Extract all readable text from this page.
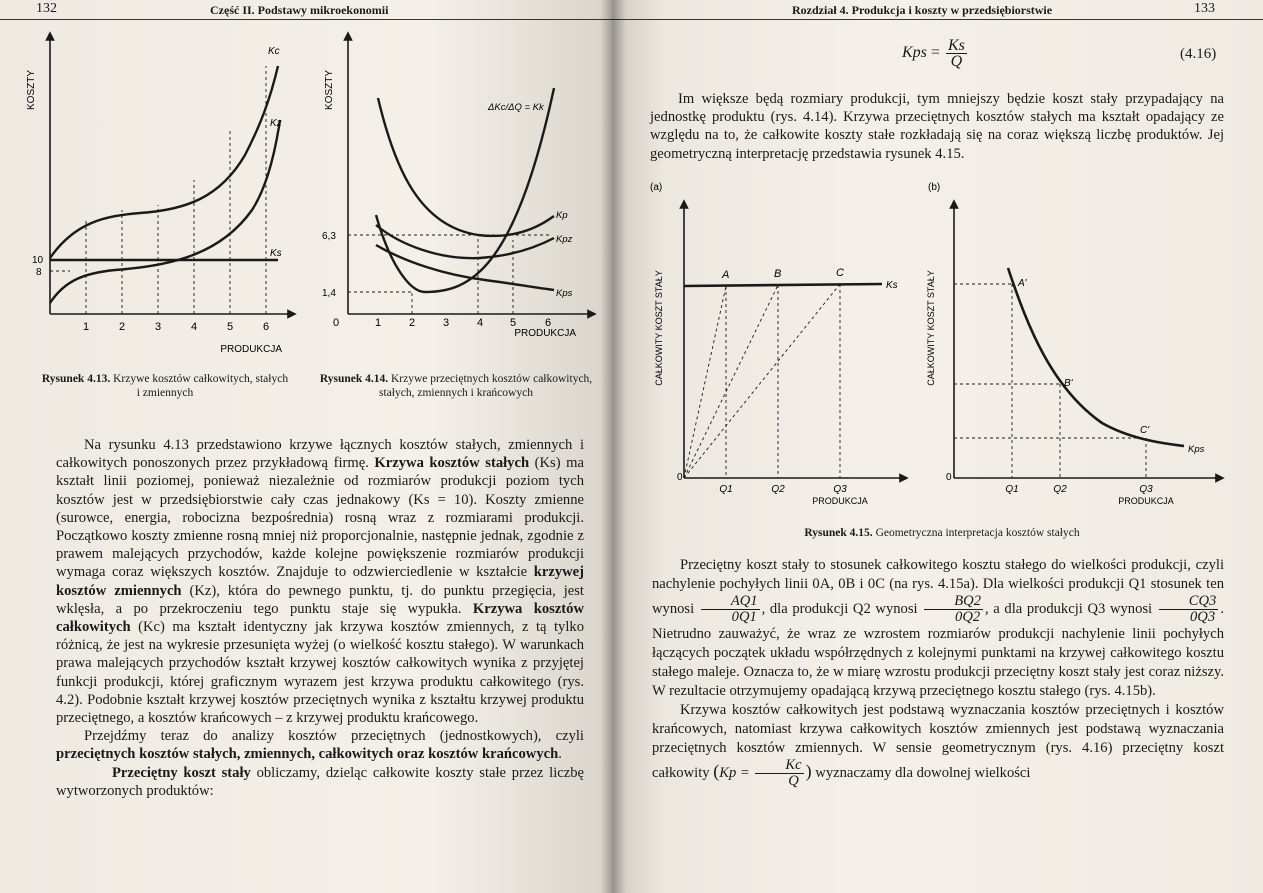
132	Część II. Podstawy mikroekonomii
KOSZTY
PRODUKCJA
Kc
Kz
Ks
10
8
1	2	3	4	5	6
KOSZTY
PRODUKCJA
ΔKc/ΔQ = Kk
Kp
Kpz
Kps
6,3
1,4
0	1	2	3	4 5	6
Rysunek 4.13. Krzywe kosztów całkowitych, stałych i zmiennych
Rysunek 4.14. Krzywe przeciętnych kosztów całkowitych, stałych, zmiennych i krańcowych

Na rysunku 4.13 przedstawiono krzywe łącznych kosztów stałych, zmiennych i całkowitych ponoszonych przez przykładową firmę. Krzywa kosztów stałych (Ks) ma kształt linii poziomej, ponieważ niezależnie od rozmiarów produkcji poziom tych kosztów jest w przedsiębiorstwie cały czas jednakowy (Ks = 10). Koszty zmienne (surowce, energia, robocizna bezpośrednia) rosną wraz z rozmiarami produkcji. Początkowo koszty zmienne rosną mniej niż proporcjonalnie, następnie jednak, zgodnie z prawem malejących przychodów, każde kolejne powiększenie rozmiarów produkcji wymaga coraz większych kosztów. Znajduje to odzwierciedlenie w kształcie krzywej kosztów zmiennych (Kz), która do pewnego punktu, tj. do punktu przegięcia, jest wklęsła, a po przekroczeniu tego punktu staje się wypukła. Krzywa kosztów całkowitych (Kc) ma kształt identyczny jak krzywa kosztów zmiennych, z tą tylko różnicą, że jest na wykresie przesunięta wyżej (o wielkość kosztu stałego). W warunkach prawa malejących przychodów kształt krzywej kosztów całkowitych wynika z przyjętej funkcji produkcji, której graficznym wyrazem jest krzywa produktu całkowitego (rys. 4.2). Podobnie kształt krzywej kosztów przeciętnych wynika z kształtu krzywej produktu przeciętnego, a kosztów krańcowych – z krzywej produktu krańcowego.

Przejdźmy teraz do analizy kosztów przeciętnych (jednostkowych), czyli przeciętnych kosztów stałych, zmiennych, całkowitych oraz kosztów krańcowych.

Przeciętny koszt stały obliczamy, dzieląc całkowite koszty stałe przez liczbę wytworzonych produktów:

Rozdział 4. Produkcja i koszty w przedsiębiorstwie	133
Kps = $\frac{Ks}{Q}$	(4.16)

Im większe będą rozmiary produkcji, tym mniejszy będzie koszt stały przypadający na jednostkę produktu (rys. 4.14). Krzywa przeciętnych kosztów stałych ma kształt opadający ze względu na to, że całkowite koszty stałe rozkładają się na coraz większą liczbę produktów. Jej geometryczną interpretację przedstawia rysunek 4.15.

(a)
CAŁKOWITY KOSZT STAŁY
0
A	B	C
Ks
Q1	Q2	Q3
PRODUKCJA
(b)
CAŁKOWITY KOSZT STAŁY
0
A'
B'
C'
Kps
Q1	Q2	Q3
PRODUKCJA
Rysunek 4.15. Geometryczna interpretacja kosztów stałych

Przeciętny koszt stały to stosunek całkowitego kosztu stałego do wielkości produkcji, czyli nachylenie pochyłych linii 0A, 0B i 0C (na rys. 4.15a). Dla wielkości produkcji Q1 stosunek ten wynosi $\frac{AQ1}{0Q1}$ , dla produkcji Q2 wynosi $\frac{BQ2}{0Q2}$ , a dla produkcji Q3 wynosi $\frac{CQ3}{0Q3}$ . Nietrudno zauważyć, że wraz ze wzrostem rozmiarów produkcji nachylenie linii pochyłych łączących początek układu współrzędnych z kolejnymi punktami na krzywej całkowitego kosztu stałego maleje. Oznacza to, że w miarę wzrostu produkcji przeciętny koszt stały jest coraz niższy. W rezultacie otrzymujemy opadającą krzywą przeciętnego kosztu stałego (rys. 4.15b).

Krzywa kosztów całkowitych jest podstawą wyznaczania kosztów przeciętnych i kosztów krańcowych, natomiast krzywa całkowitych kosztów zmiennych jest podstawą wyznaczania przeciętnych kosztów zmiennych. W sensie geometrycznym (rys. 4.16) przeciętny koszt całkowity ($Kp = \frac{Kc}{Q}$ ) wyznaczamy dla dowolnej wielkości
